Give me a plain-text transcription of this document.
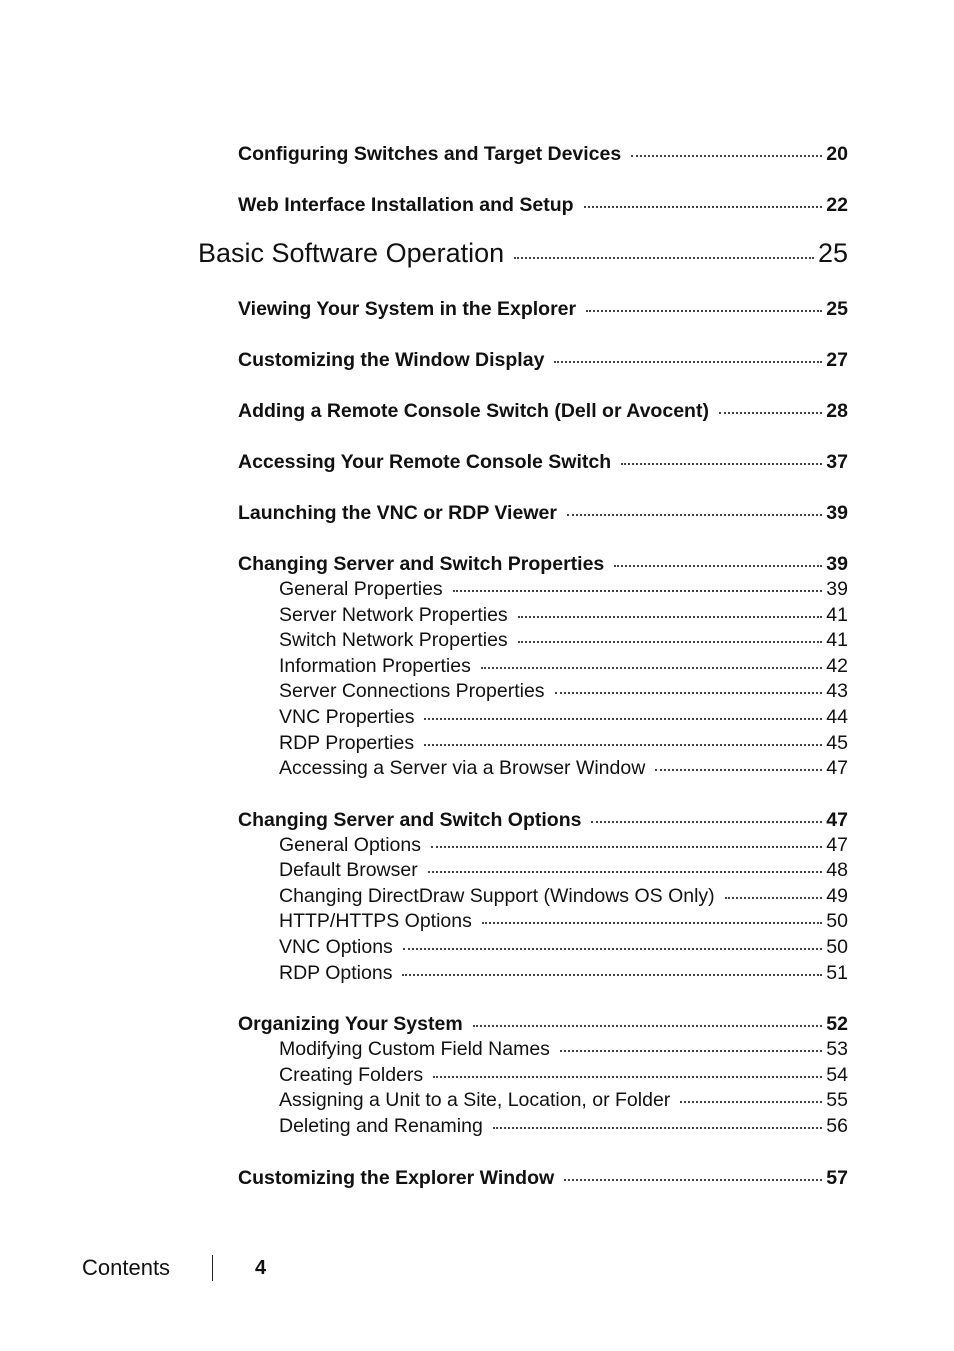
Configuring Switches and Target Devices	20
Web Interface Installation and Setup	22
Basic Software Operation	25
Viewing Your System in the Explorer	25
Customizing the Window Display	27
Adding a Remote Console Switch (Dell or Avocent)	28
Accessing Your Remote Console Switch	37
Launching the VNC or RDP Viewer	39
Changing Server and Switch Properties	39
General Properties	39
Server Network Properties	41
Switch Network Properties	41
Information Properties	42
Server Connections Properties	43
VNC Properties	44
RDP Properties	45
Accessing a Server via a Browser Window	47
Changing Server and Switch Options	47
General Options	47
Default Browser	48
Changing DirectDraw Support (Windows OS Only)	49
HTTP/HTTPS Options	50
VNC Options	50
RDP Options	51
Organizing Your System	52
Modifying Custom Field Names	53
Creating Folders	54
Assigning a Unit to a Site, Location, or Folder	55
Deleting and Renaming	56
Customizing the Explorer Window	57
Contents	4
